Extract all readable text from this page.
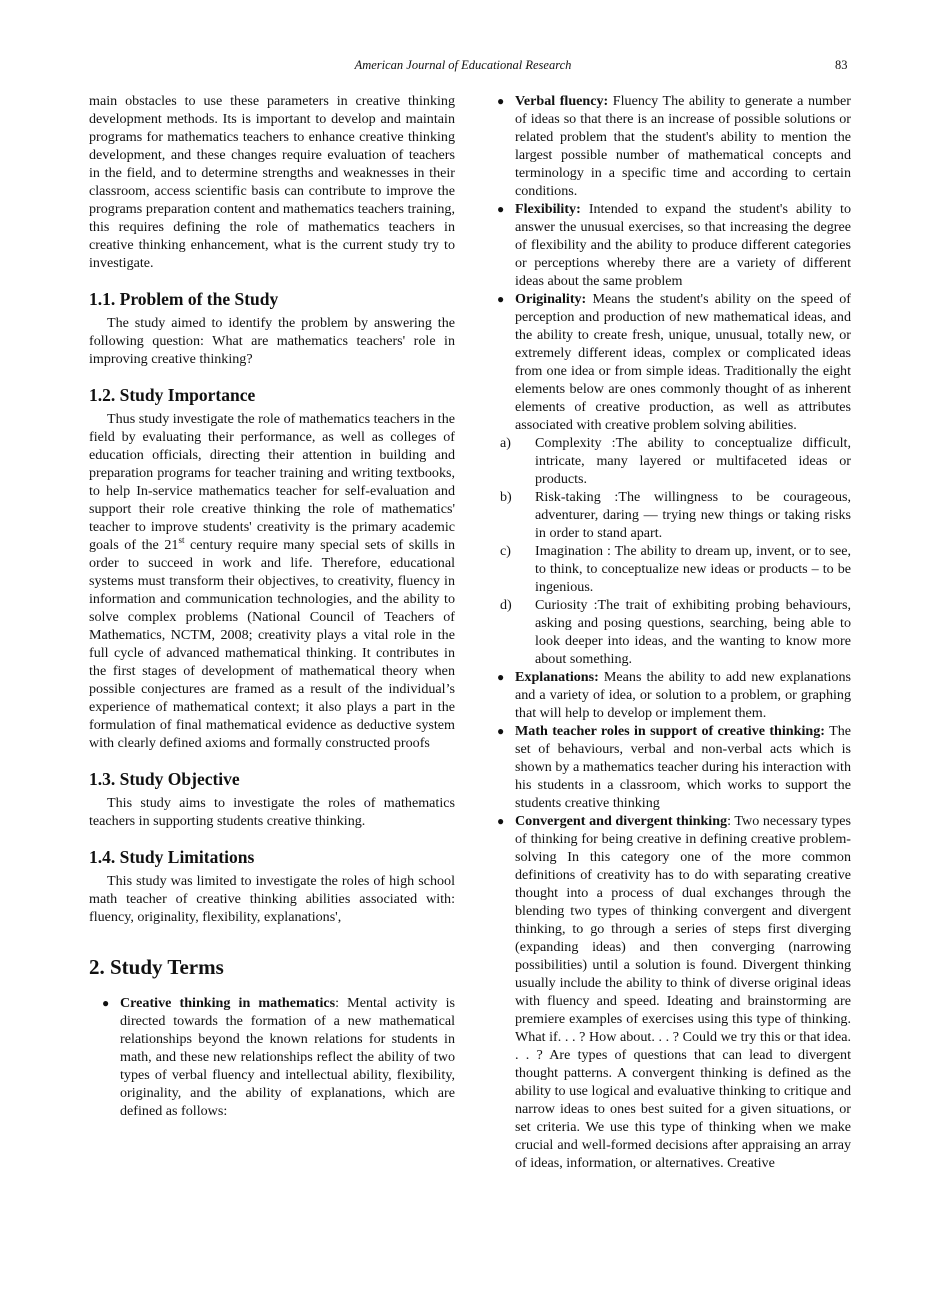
American Journal of Educational Research	83

main obstacles to use these parameters in creative thinking development methods. Its is important to develop and maintain programs for mathematics teachers to enhance creative thinking development, and these changes require evaluation of teachers in the field, and to determine strengths and weaknesses in their classroom, access scientific basis can contribute to improve the programs preparation content and mathematics teachers training, this requires defining the role of mathematics teachers in creative thinking enhancement, what is the current study try to investigate.

1.1. Problem of the Study

The study aimed to identify the problem by answering the following question: What are mathematics teachers' role in improving creative thinking?

1.2. Study Importance

Thus study investigate the role of mathematics teachers in the field by evaluating their performance, as well as colleges of education officials, directing their attention in building and preparation programs for teacher training and writing textbooks, to help In-service mathematics teacher for self-evaluation and support their role creative thinking the role of mathematics' teacher to improve students' creativity is the primary academic goals of the 21st century require many special sets of skills in order to succeed in work and life. Therefore, educational systems must transform their objectives, to creativity, fluency in information and communication technologies, and the ability to solve complex problems (National Council of Teachers of Mathematics, NCTM, 2008; creativity plays a vital role in the full cycle of advanced mathematical thinking. It contributes in the first stages of development of mathematical theory when possible conjectures are framed as a result of the individual’s experience of mathematical context; it also plays a part in the formulation of final mathematical evidence as deductive system with clearly defined axioms and formally constructed proofs

1.3. Study Objective

This study aims to investigate the roles of mathematics teachers in supporting students creative thinking.

1.4. Study Limitations

This study was limited to investigate the roles of high school math teacher of creative thinking abilities associated with: fluency, originality, flexibility, explanations',

2. Study Terms
● Creative thinking in mathematics: Mental activity is directed towards the formation of a new mathematical relationships beyond the known relations for students in math, and these new relationships reflect the ability of two types of verbal fluency and intellectual ability, flexibility, originality, and the ability of explanations, which are defined as follows:
● Verbal fluency: Fluency The ability to generate a number of ideas so that there is an increase of possible solutions or related problem that the student's ability to mention the largest possible number of mathematical concepts and terminology in a specific time and according to certain conditions.
● Flexibility: Intended to expand the student's ability to answer the unusual exercises, so that increasing the degree of flexibility and the ability to produce different categories or perceptions whereby there are a variety of different ideas about the same problem
● Originality: Means the student's ability on the speed of perception and production of new mathematical ideas, and the ability to create fresh, unique, unusual, totally new, or extremely different ideas, complex or complicated ideas from one idea or from simple ideas. Traditionally the eight elements below are ones commonly thought of as inherent elements of creative production, as well as attributes associated with creative problem solving abilities.
a) Complexity :The ability to conceptualize difficult, intricate, many layered or multifaceted ideas or products.
b) Risk-taking :The willingness to be courageous, adventurer, daring — trying new things or taking risks in order to stand apart.
c) Imagination : The ability to dream up, invent, or to see, to think, to conceptualize new ideas or products – to be ingenious.
d) Curiosity :The trait of exhibiting probing behaviours, asking and posing questions, searching, being able to look deeper into ideas, and the wanting to know more about something.
● Explanations: Means the ability to add new explanations and a variety of idea, or solution to a problem, or graphing that will help to develop or implement them.
● Math teacher roles in support of creative thinking: The set of behaviours, verbal and non-verbal acts which is shown by a mathematics teacher during his interaction with his students in a classroom, which works to support the students creative thinking
● Convergent and divergent thinking: Two necessary types of thinking for being creative in defining creative problem-solving In this category one of the more common definitions of creativity has to do with separating creative thought into a process of dual exchanges through the blending two types of thinking convergent and divergent thinking, to go through a series of steps first diverging (expanding ideas) and then converging (narrowing possibilities) until a solution is found. Divergent thinking usually include the ability to think of diverse original ideas with fluency and speed. Ideating and brainstorming are premiere examples of exercises using this type of thinking. What if. . . ? How about. . . ? Could we try this or that idea. . . ? Are types of questions that can lead to divergent thought patterns. A convergent thinking is defined as the ability to use logical and evaluative thinking to critique and narrow ideas to ones best suited for a given situations, or set criteria. We use this type of thinking when we make crucial and well-formed decisions after appraising an array of ideas, information, or alternatives. Creative
